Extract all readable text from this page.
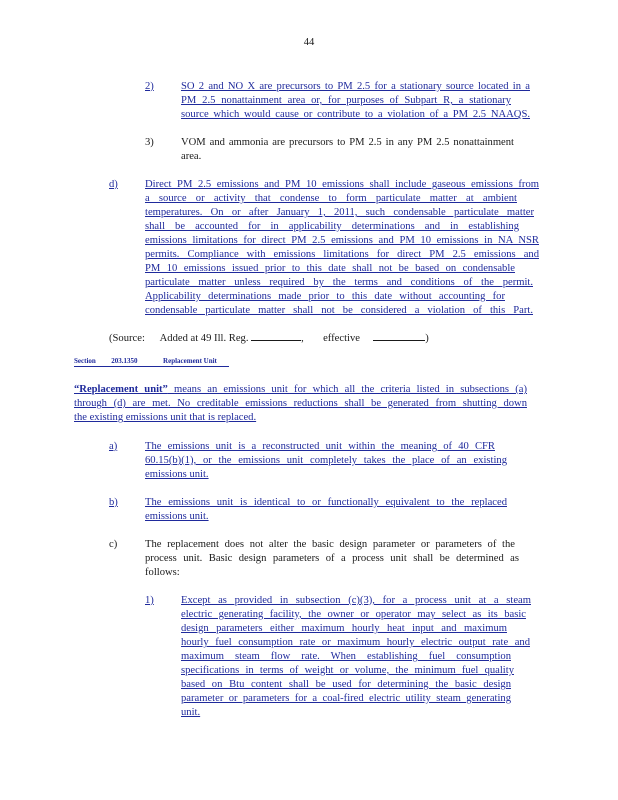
44
2)	SO 2 and NO X are precursors to PM 2.5 for a stationary source located in a
PM 2.5 nonattainment area or, for purposes of Subpart R, a stationary
source which would cause or contribute to a violation of a PM 2.5 NAAQS.
3)	VOM and ammonia are precursors to PM 2.5 in any PM 2.5 nonattainment
area.
d)	Direct PM 2.5 emissions and PM 10 emissions shall include gaseous emissions from
a source or activity that condense to form particulate matter at ambient
temperatures. On or after January 1, 2011, such condensable particulate matter
shall be accounted for in applicability determinations and in establishing
emissions limitations for direct PM 2.5 emissions and PM 10 emissions in NA NSR
permits. Compliance with emissions limitations for direct PM 2.5 emissions and
PM 10 emissions issued prior to this date shall not be based on condensable
particulate matter unless required by the terms and conditions of the permit.
Applicability determinations made prior to this date without accounting for
condensable particulate matter shall not be considered a violation of this Part.
(Source: Added at 49 Ill. Reg.	, effective	)
Section 203.1350	Replacement Unit
“Replacement unit” means an emissions unit for which all the criteria listed in subsections (a)
through (d) are met. No creditable emissions reductions shall be generated from shutting down
the existing emissions unit that is replaced.
a)	The emissions unit is a reconstructed unit within the meaning of 40 CFR
60.15(b)(1), or the emissions unit completely takes the place of an existing
emissions unit.
b)	The emissions unit is identical to or functionally equivalent to the replaced
emissions unit.
c)	The replacement does not alter the basic design parameter or parameters of the
process unit. Basic design parameters of a process unit shall be determined as
follows:
1)	Except as provided in subsection (c)(3), for a process unit at a steam
electric generating facility, the owner or operator may select as its basic
design parameters either maximum hourly heat input and maximum
hourly fuel consumption rate or maximum hourly electric output rate and
maximum steam flow rate. When establishing fuel consumption
specifications in terms of weight or volume, the minimum fuel quality
based on Btu content shall be used for determining the basic design
parameter or parameters for a coal-fired electric utility steam generating
unit.
